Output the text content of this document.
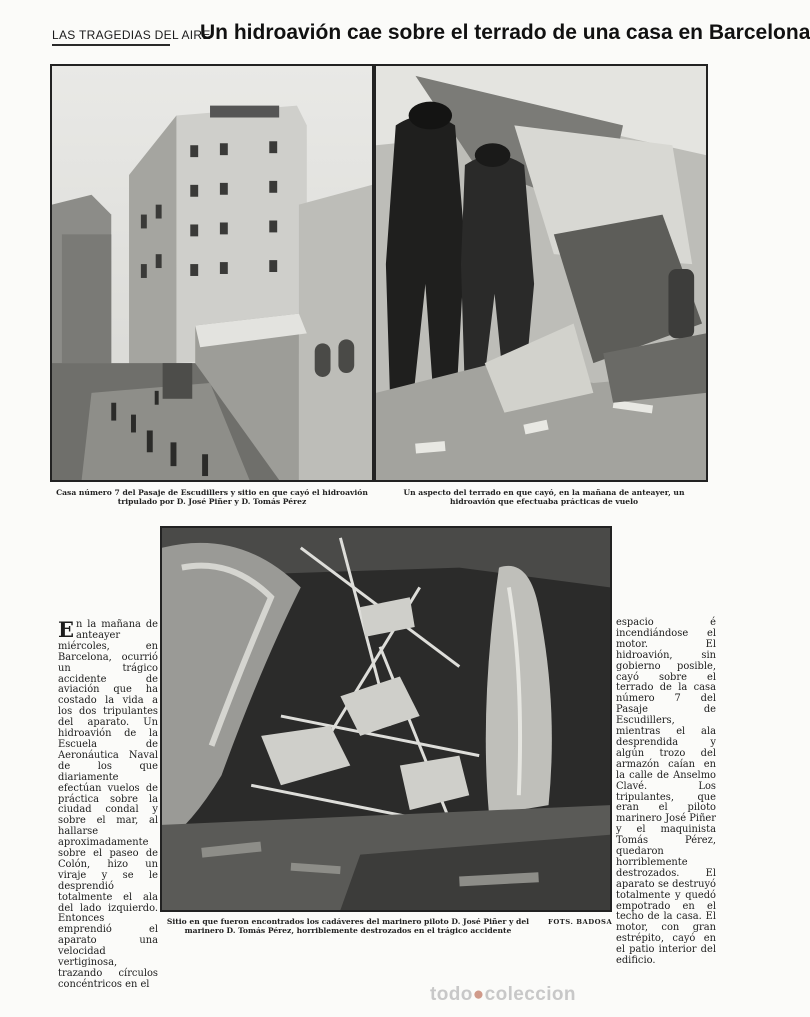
LAS TRAGEDIAS DEL AIRE
Un hidroavión cae sobre el terrado de una casa en Barcelona

Casa número 7 del Pasaje de Escudillers y sitio en que cayó el hidroavión tripulado por D. José Piñer y D. Tomás Pérez

Un aspecto del terrado en que cayó, en la mañana de anteayer, un hidroavión que efectuaba prácticas de vuelo

Sitio en que fueron encontrados los cadáveres del marinero piloto D. José Piñer y del marinero D. Tomás Pérez, horriblemente destrozados en el trágico accidente

FOTS. BADOSA
En la mañana de anteayer miércoles, en Barcelona, ocurrió un trágico accidente de aviación que ha costado la vida a los dos tripulantes del aparato. Un hidroavión de la Escuela de Aeronáutica Naval de los que diariamente efectúan vuelos de práctica sobre la ciudad condal y sobre el mar, al hallarse aproximadamente sobre el paseo de Colón, hizo un viraje y se le desprendió totalmente el ala del lado izquierdo. Entonces emprendió el aparato una velocidad vertiginosa, trazando círculos concéntricos en el
espacio é incendiándose el motor. El hidroavión, sin gobierno posible, cayó sobre el terrado de la casa número 7 del Pasaje de Escudillers, mientras el ala desprendida y algún trozo del armazón caían en la calle de Anselmo Clavé. Los tripulantes, que eran el piloto marinero José Piñer y el maquinista Tomás Pérez, quedaron horriblemente destrozados. El aparato se destruyó totalmente y quedó empotrado en el techo de la casa. El motor, con gran estrépito, cayó en el patio interior del edificio.
todo●coleccion
